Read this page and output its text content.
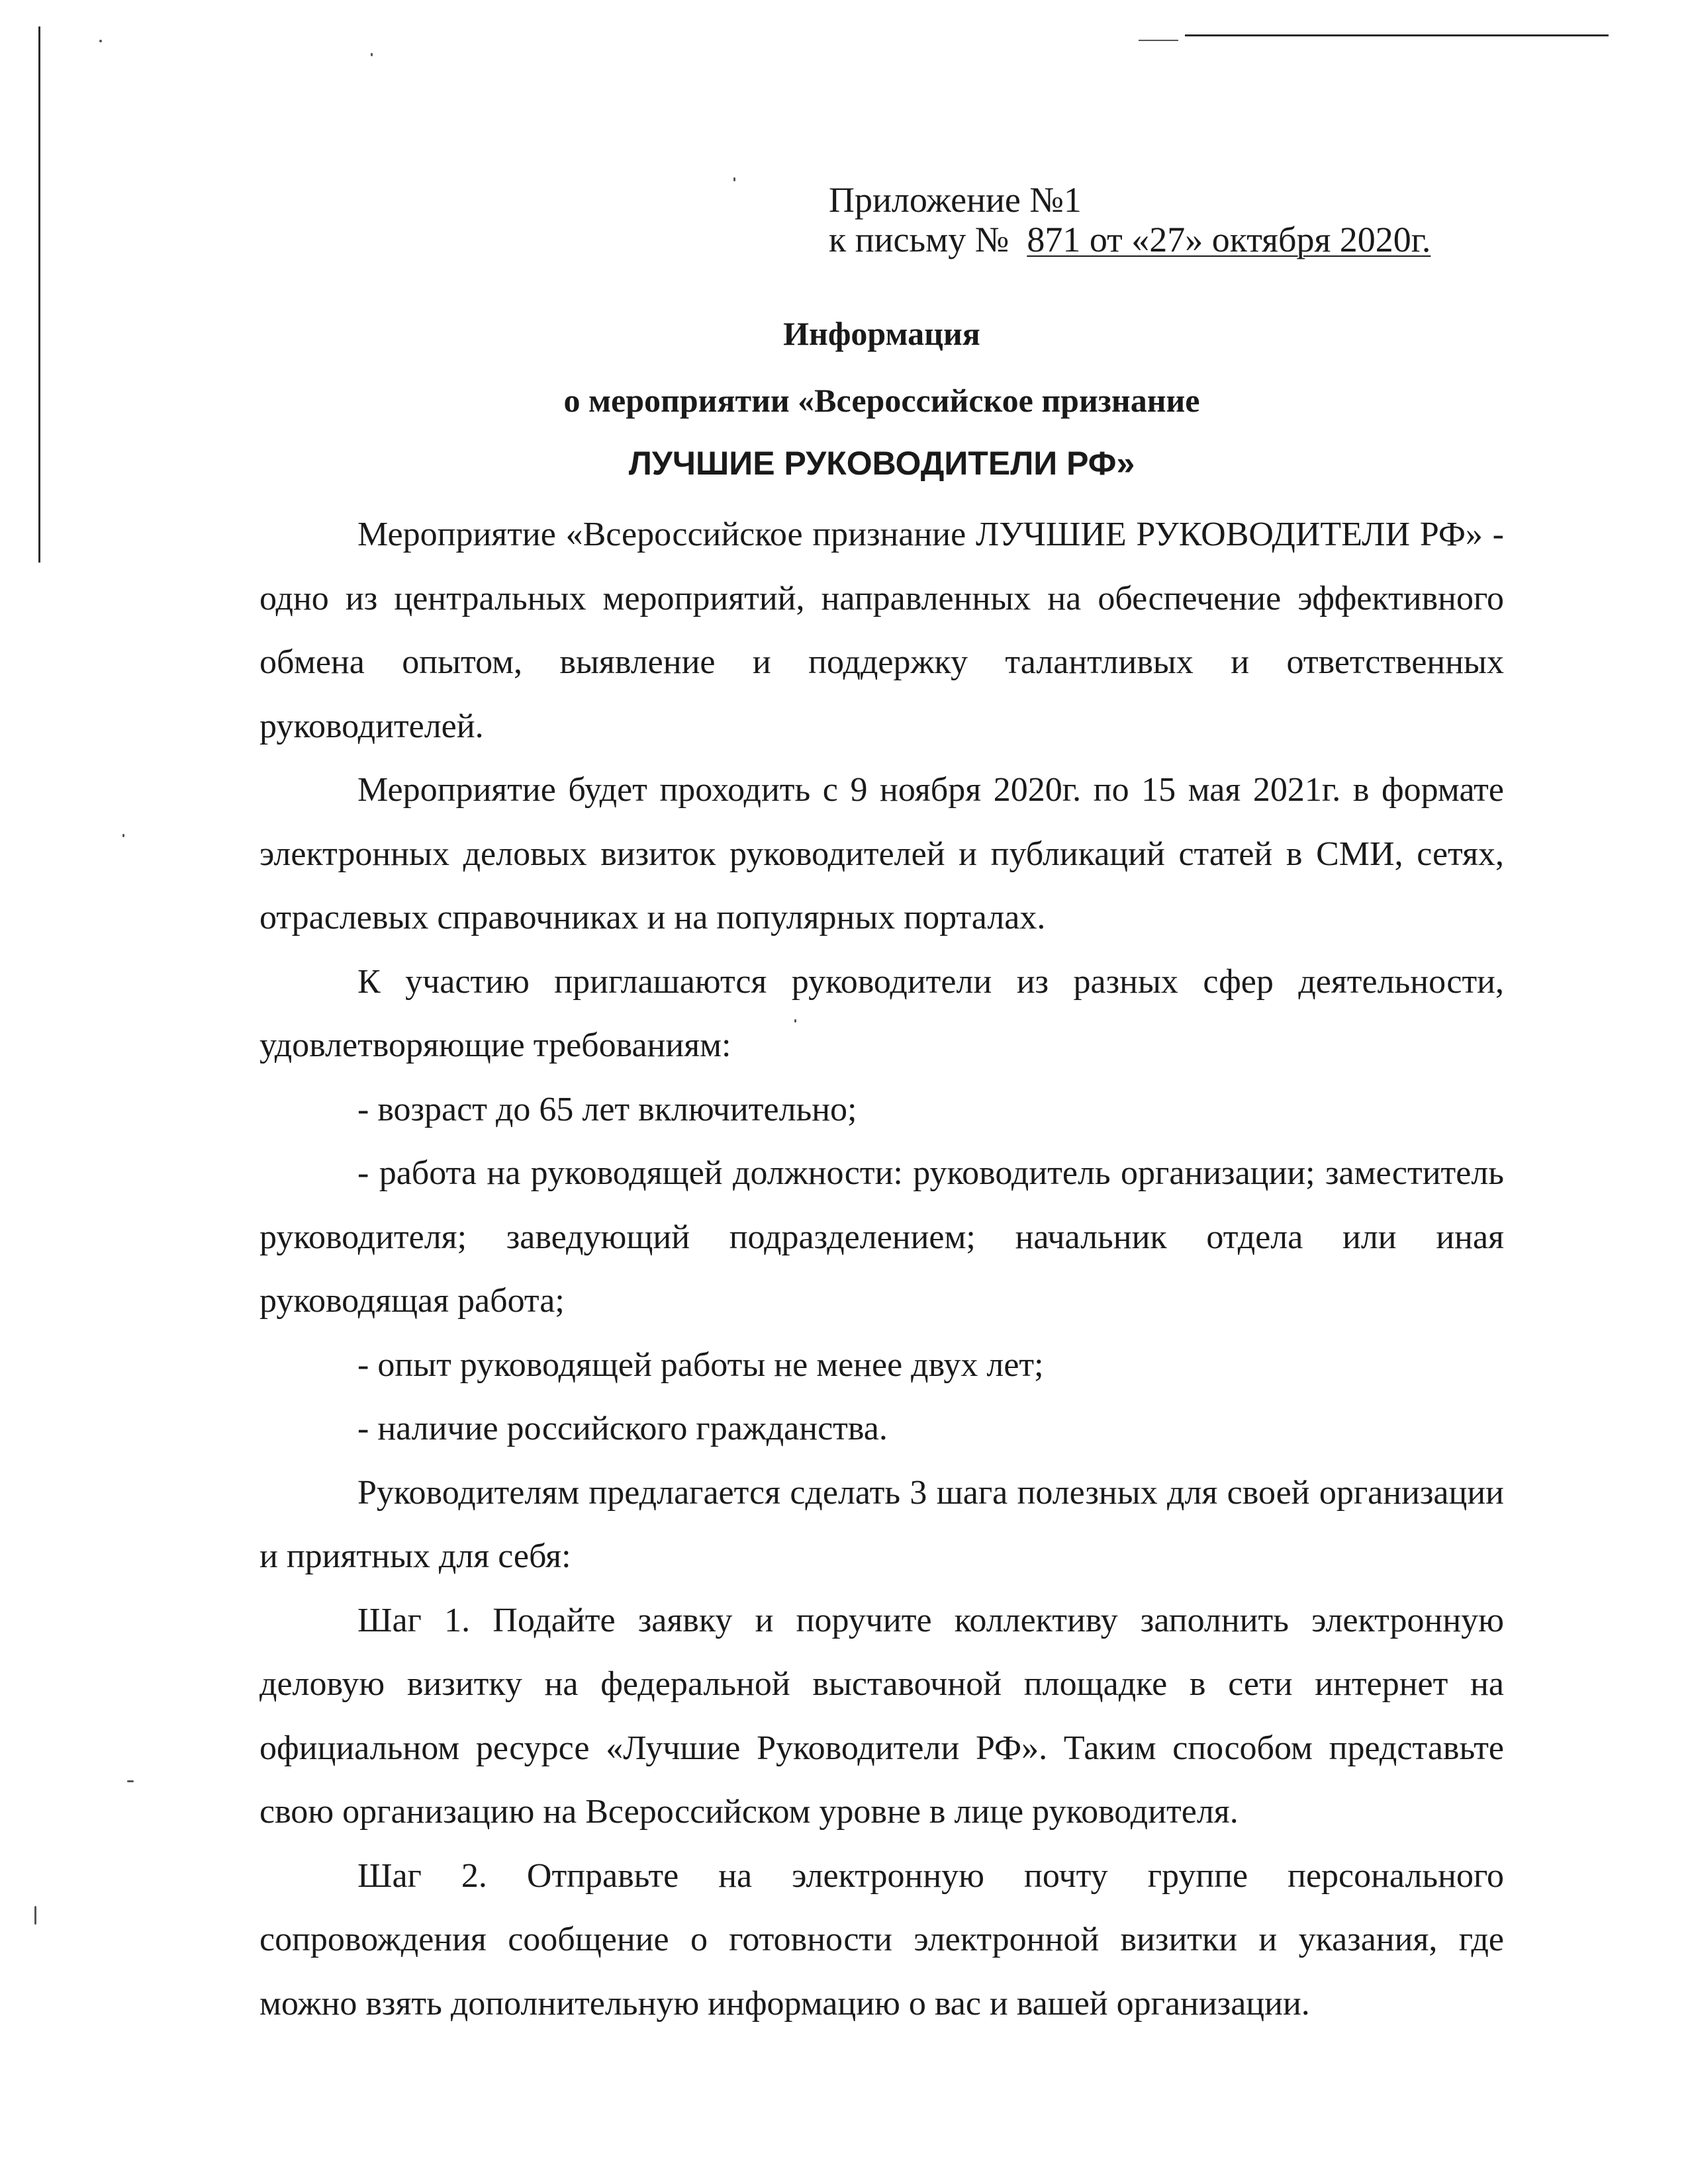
Приложение №1
к письму №  871 от «27» октября 2020г.
Информация
о мероприятии «Всероссийское признание
ЛУЧШИЕ РУКОВОДИТЕЛИ РФ»

Мероприятие «Всероссийское признание ЛУЧШИЕ РУКОВОДИТЕЛИ РФ» - одно из центральных мероприятий, направленных на обеспечение эффективного обмена опытом, выявление и поддержку талантливых и ответственных руководителей.

Мероприятие будет проходить с 9 ноября 2020г. по 15 мая 2021г. в формате электронных деловых визиток руководителей и публикаций статей в СМИ, сетях, отраслевых справочниках и на популярных порталах.

К участию приглашаются руководители из разных сфер деятельности, удовлетворяющие требованиям:

- возраст до 65 лет включительно;

- работа на руководящей должности: руководитель организации; заместитель руководителя; заведующий подразделением; начальник отдела или иная руководящая работа;

- опыт руководящей работы не менее двух лет;

- наличие российского гражданства.

Руководителям предлагается сделать 3 шага полезных для своей организации и приятных для себя:

Шаг 1. Подайте заявку и поручите коллективу заполнить электронную деловую визитку на федеральной выставочной площадке в сети интернет на официальном ресурсе «Лучшие Руководители РФ». Таким способом представьте свою организацию на Всероссийском уровне в лице руководителя.

Шаг 2. Отправьте на электронную почту группе персонального сопровождения сообщение о готовности электронной визитки и указания, где можно взять дополнительную информацию о вас и вашей организации.
